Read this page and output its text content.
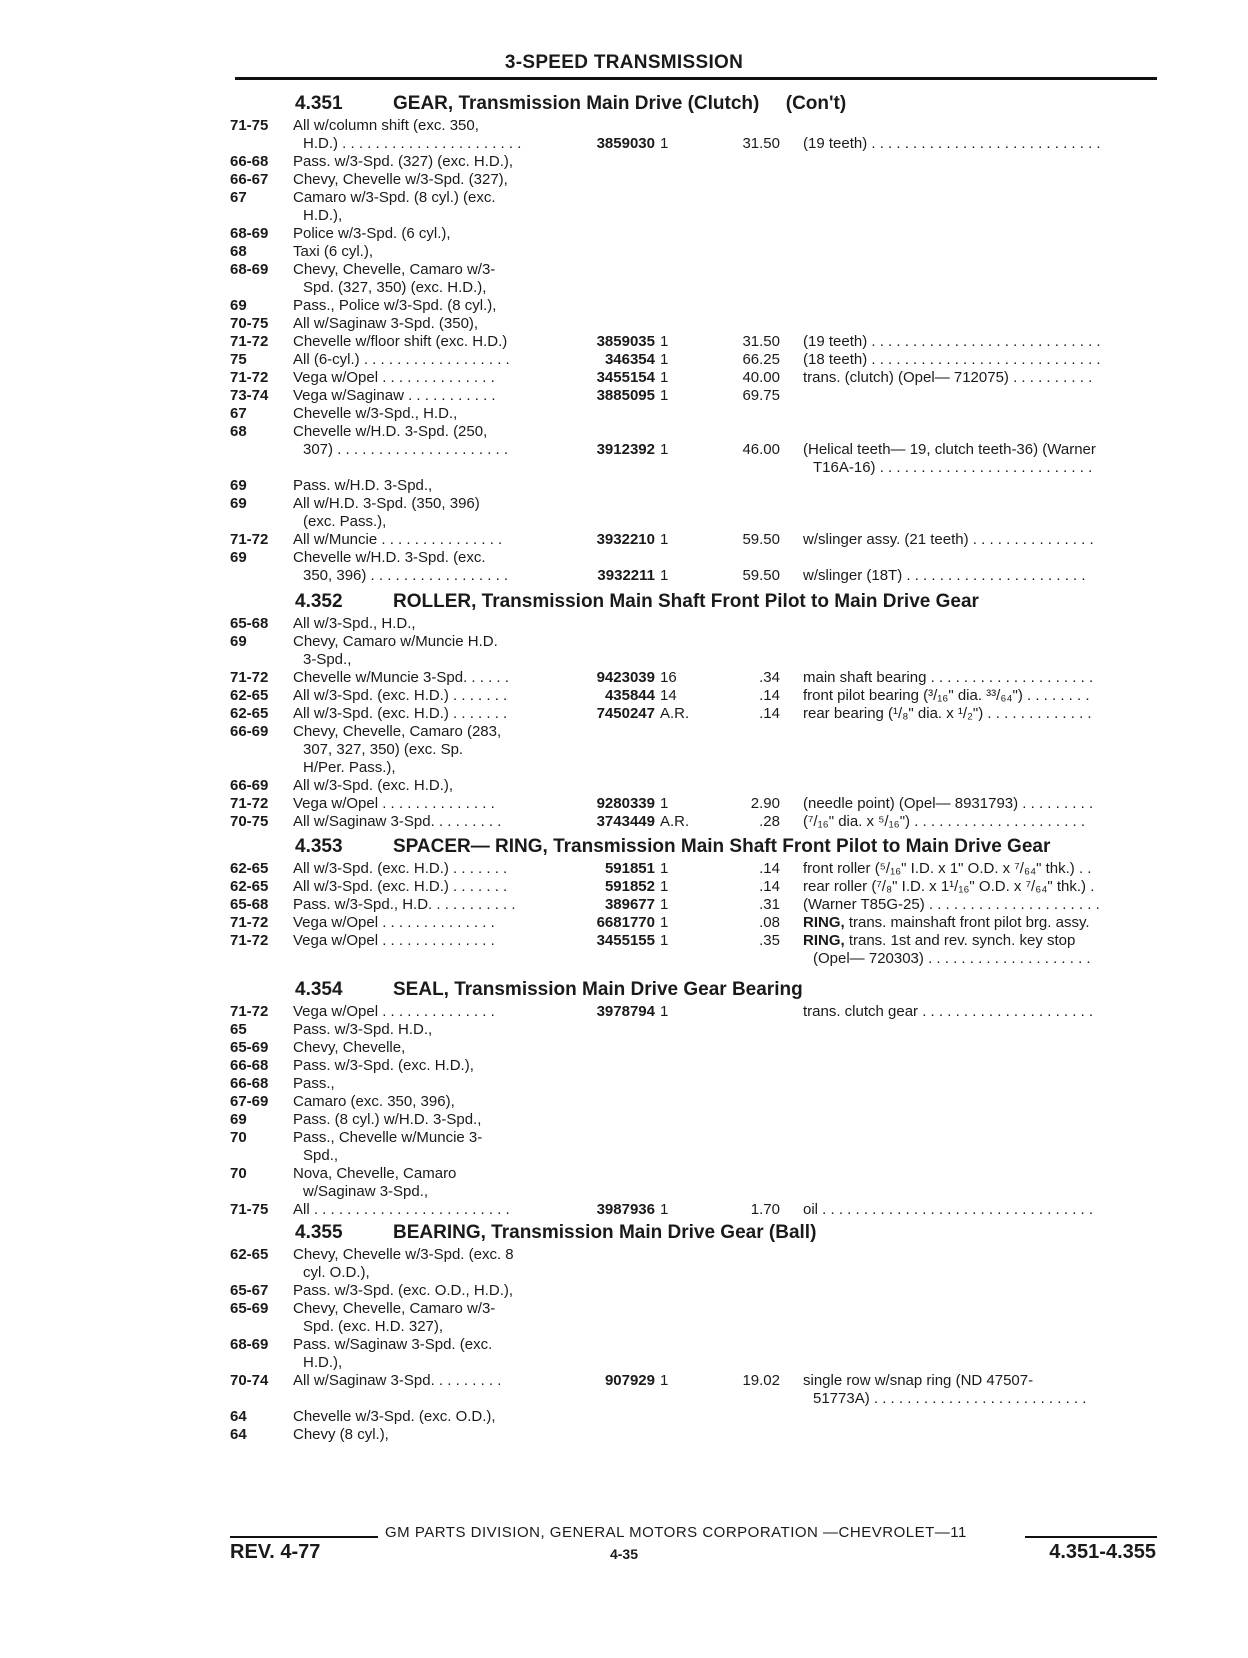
3-SPEED TRANSMISSION
4.351	GEAR, Transmission Main Drive (Clutch)     (Con't)
71-75 All w/column shift (exc. 350,
H.D.) . . . . . . . . . . . . . . . . . . . . . .	3859030 1	31.50 (19 teeth) . . . . . . . . . . . . . . . . . . . . . . . . . . . .
66-68 Pass. w/3-Spd. (327) (exc. H.D.),
66-67 Chevy, Chevelle w/3-Spd. (327),
67	Camaro w/3-Spd. (8 cyl.) (exc.
H.D.),
68-69 Police w/3-Spd. (6 cyl.),
68	Taxi (6 cyl.),
68-69 Chevy, Chevelle, Camaro w/3-
Spd. (327, 350) (exc. H.D.),
69	Pass., Police w/3-Spd. (8 cyl.),
70-75 All w/Saginaw 3-Spd. (350),
71-72 Chevelle w/floor shift (exc. H.D.)	3859035 1	31.50 (19 teeth) . . . . . . . . . . . . . . . . . . . . . . . . . . . .
75	All (6-cyl.) . . . . . . . . . . . . . . . . . .	346354 1	66.25 (18 teeth) . . . . . . . . . . . . . . . . . . . . . . . . . . . .
71-72 Vega w/Opel . . . . . . . . . . . . . .	3455154 1	40.00 trans. (clutch) (Opel— 712075) . . . . . . . . . .
73-74 Vega w/Saginaw . . . . . . . . . . .	3885095 1	69.75
67	Chevelle w/3-Spd., H.D.,
68	Chevelle w/H.D. 3-Spd. (250,
307) . . . . . . . . . . . . . . . . . . . . .	3912392 1	46.00 (Helical teeth— 19, clutch teeth-36) (Warner
T16A-16) . . . . . . . . . . . . . . . . . . . . . . . . . .
69	Pass. w/H.D. 3-Spd.,
69	All w/H.D. 3-Spd. (350, 396)
(exc. Pass.),
71-72 All w/Muncie . . . . . . . . . . . . . . .	3932210 1	59.50 w/slinger assy. (21 teeth) . . . . . . . . . . . . . . .
69	Chevelle w/H.D. 3-Spd. (exc.
350, 396) . . . . . . . . . . . . . . . . .	3932211 1	59.50 w/slinger (18T) . . . . . . . . . . . . . . . . . . . . . .
4.352	ROLLER, Transmission Main Shaft Front Pilot to Main Drive Gear
65-68 All w/3-Spd., H.D.,
69	Chevy, Camaro w/Muncie H.D.
3-Spd.,
71-72 Chevelle w/Muncie 3-Spd. . . . . .	9423039 16	.34 main shaft bearing . . . . . . . . . . . . . . . . . . . .
62-65 All w/3-Spd. (exc. H.D.) . . . . . . .	435844 14	.14 front pilot bearing (³/₁₆" dia. ³³/₆₄") . . . . . . . .
62-65 All w/3-Spd. (exc. H.D.) . . . . . . .	7450247 A.R.	.14 rear bearing (¹/₈" dia. x ¹/₂") . . . . . . . . . . . . .
66-69 Chevy, Chevelle, Camaro (283,
307, 327, 350) (exc. Sp.
H/Per. Pass.),
66-69 All w/3-Spd. (exc. H.D.),
71-72 Vega w/Opel . . . . . . . . . . . . . .	9280339 1	2.90 (needle point) (Opel— 8931793) . . . . . . . . .
70-75 All w/Saginaw 3-Spd. . . . . . . . .	3743449 A.R.	.28 (⁷/₁₆" dia. x ⁵/₁₆") . . . . . . . . . . . . . . . . . . . . .
4.353	SPACER— RING, Transmission Main Shaft Front Pilot to Main Drive Gear
62-65 All w/3-Spd. (exc. H.D.) . . . . . . .	591851 1	.14 front roller (⁵/₁₆" I.D. x 1" O.D. x ⁷/₆₄" thk.) . .
62-65 All w/3-Spd. (exc. H.D.) . . . . . . .	591852 1	.14 rear roller (⁷/₈" I.D. x 1¹/₁₆" O.D. x ⁷/₆₄" thk.) .
65-68 Pass. w/3-Spd., H.D. . . . . . . . . . .	389677 1	.31 (Warner T85G-25) . . . . . . . . . . . . . . . . . . . . .
71-72 Vega w/Opel . . . . . . . . . . . . . .	6681770 1	.08 RING, trans. mainshaft front pilot brg. assy.
71-72 Vega w/Opel . . . . . . . . . . . . . .	3455155 1	.35 RING, trans. 1st and rev. synch. key stop
(Opel— 720303) . . . . . . . . . . . . . . . . . . . .
4.354	SEAL, Transmission Main Drive Gear Bearing
71-72 Vega w/Opel . . . . . . . . . . . . . .	3978794 1	trans. clutch gear . . . . . . . . . . . . . . . . . . . . .
65	Pass. w/3-Spd. H.D.,
65-69 Chevy, Chevelle,
66-68 Pass. w/3-Spd. (exc. H.D.),
66-68 Pass.,
67-69 Camaro (exc. 350, 396),
69	Pass. (8 cyl.) w/H.D. 3-Spd.,
70	Pass., Chevelle w/Muncie 3-
Spd.,
70	Nova, Chevelle, Camaro
w/Saginaw 3-Spd.,
71-75 All . . . . . . . . . . . . . . . . . . . . . . . .	3987936 1	1.70 oil . . . . . . . . . . . . . . . . . . . . . . . . . . . . . . . . .
4.355	BEARING, Transmission Main Drive Gear (Ball)
62-65 Chevy, Chevelle w/3-Spd. (exc. 8
cyl. O.D.),
65-67 Pass. w/3-Spd. (exc. O.D., H.D.),
65-69 Chevy, Chevelle, Camaro w/3-
Spd. (exc. H.D. 327),
68-69 Pass. w/Saginaw 3-Spd. (exc.
H.D.),
70-74 All w/Saginaw 3-Spd. . . . . . . . .	907929 1	19.02 single row w/snap ring (ND 47507-
51773A) . . . . . . . . . . . . . . . . . . . . . . . . . .
64	Chevelle w/3-Spd. (exc. O.D.),
64	Chevy (8 cyl.),
GM PARTS DIVISION, GENERAL MOTORS CORPORATION —CHEVROLET—11
REV. 4-77	4-35	4.351-4.355
